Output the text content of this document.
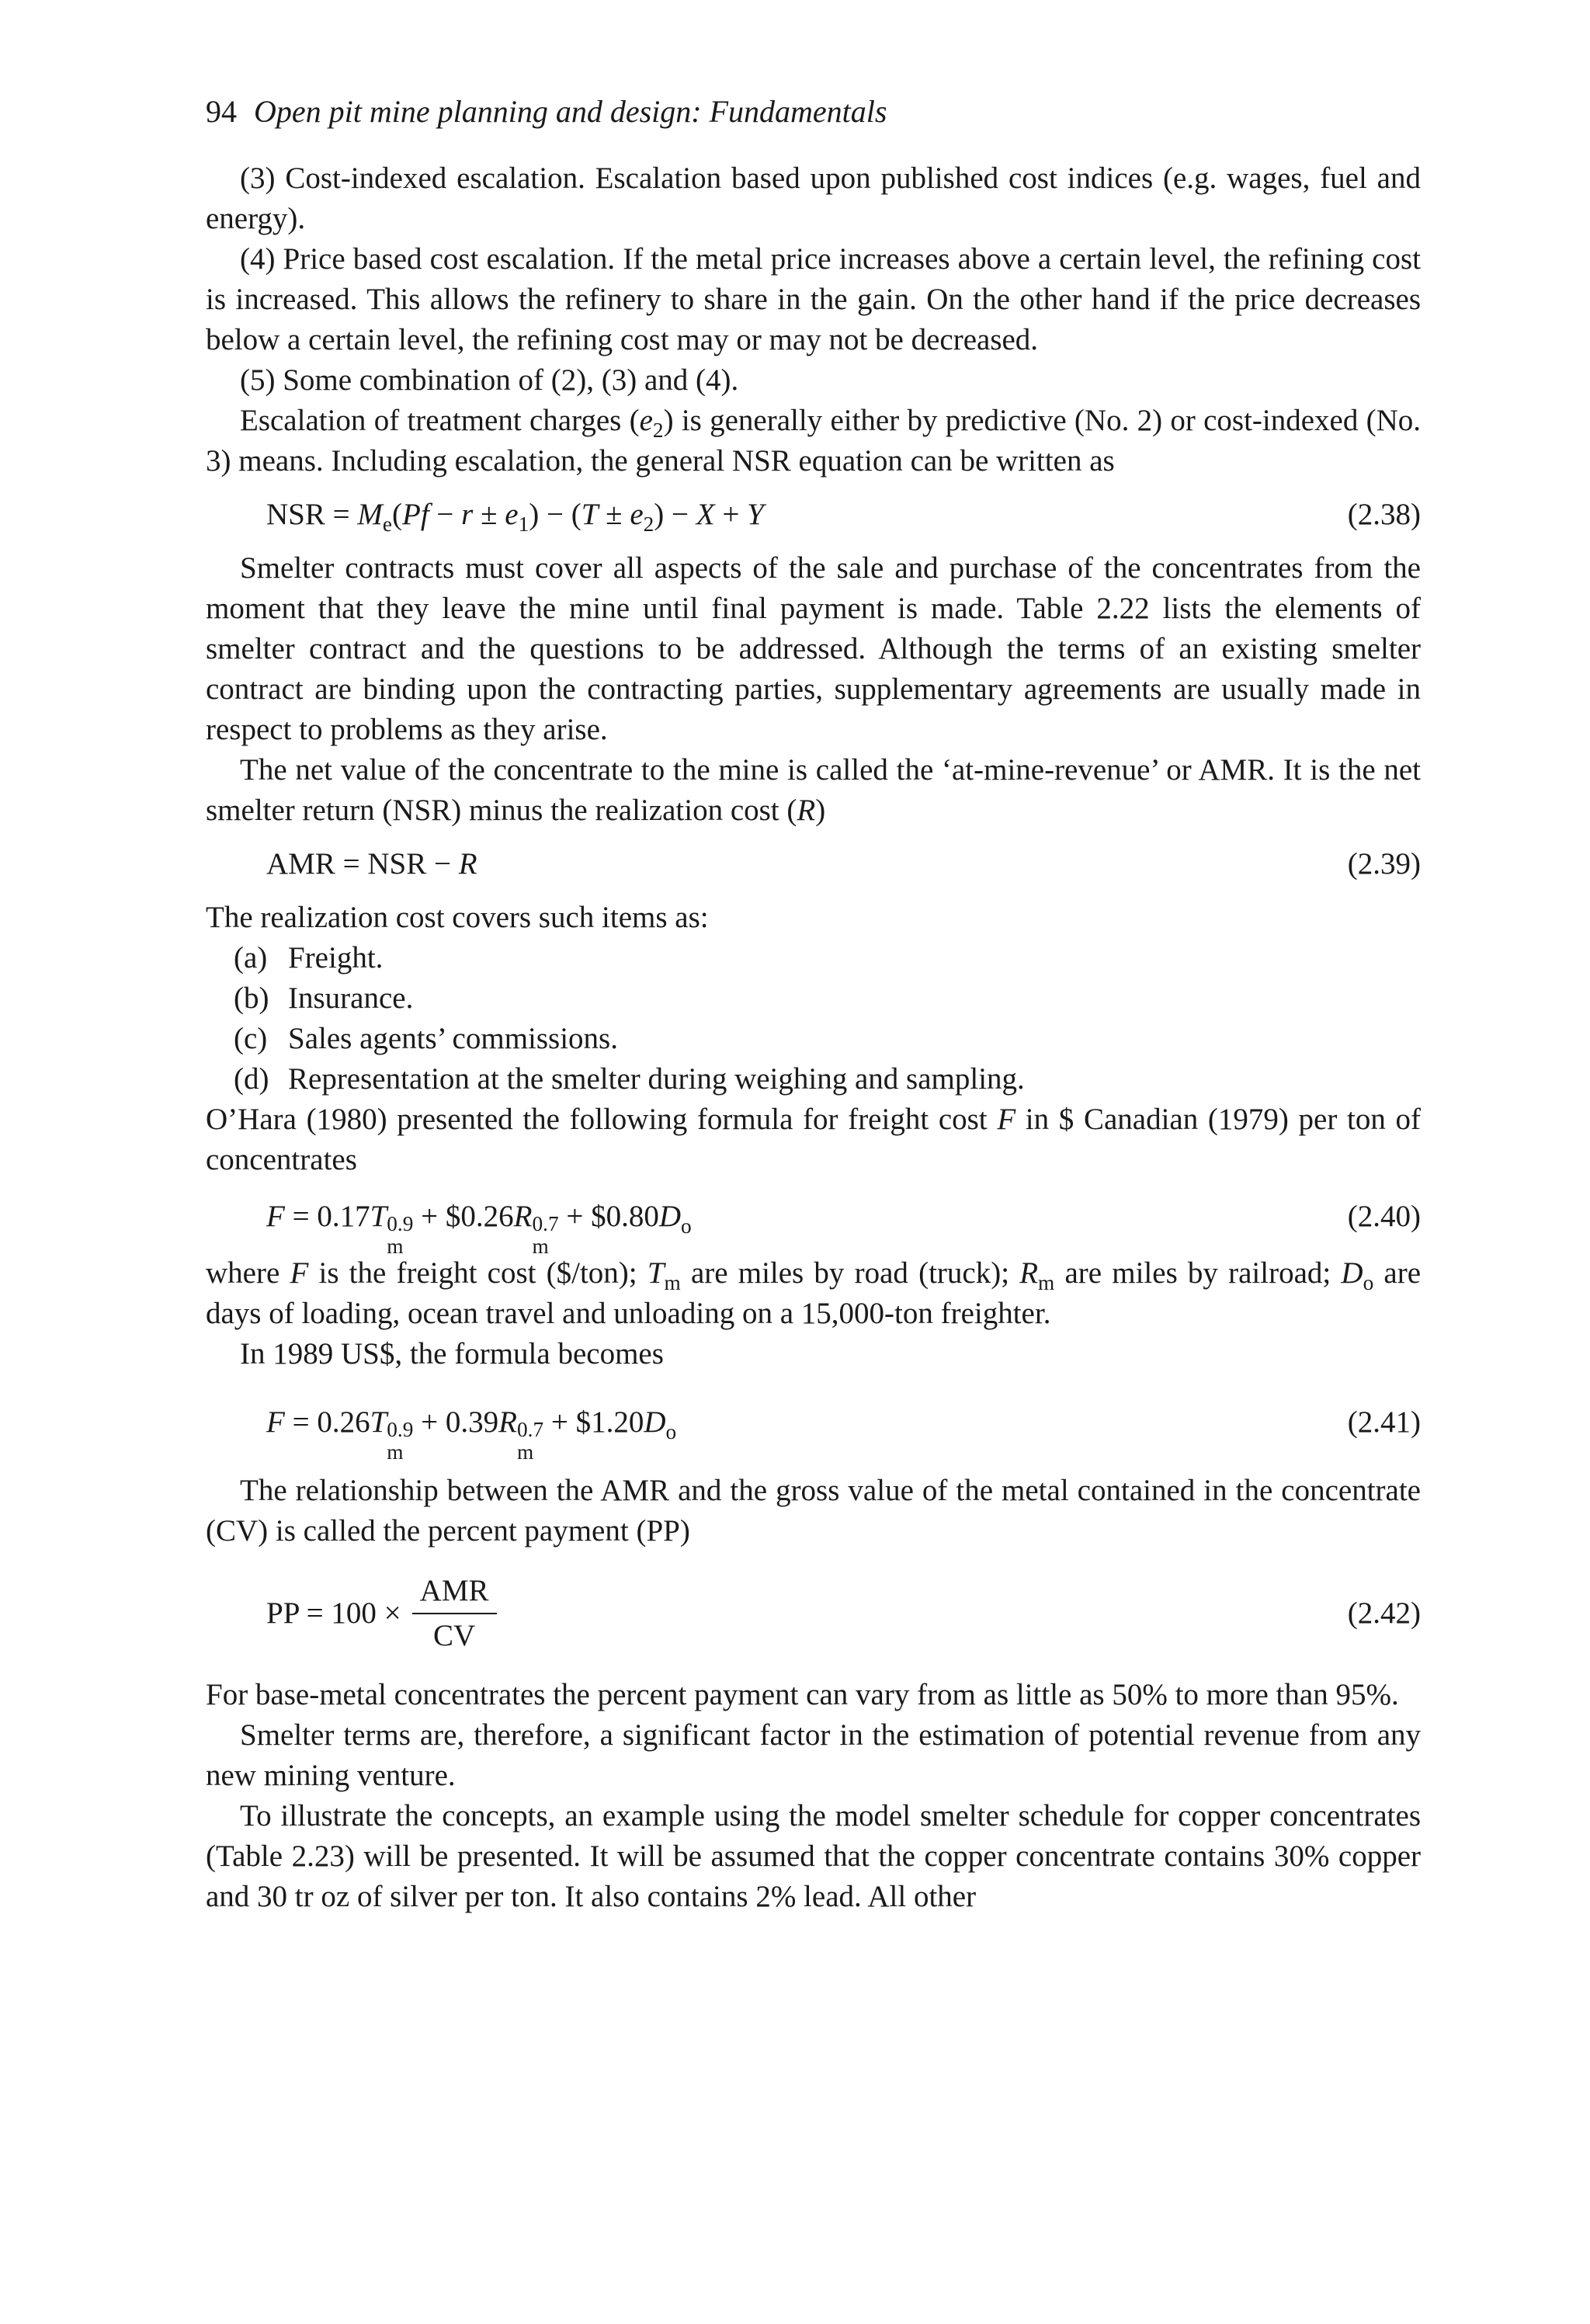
94 Open pit mine planning and design: Fundamentals

(3) Cost-indexed escalation. Escalation based upon published cost indices (e.g. wages, fuel and energy).

(4) Price based cost escalation. If the metal price increases above a certain level, the refining cost is increased. This allows the refinery to share in the gain. On the other hand if the price decreases below a certain level, the refining cost may or may not be decreased.

(5) Some combination of (2), (3) and (4).

Escalation of treatment charges $(e_2)$ is generally either by predictive (No. 2) or cost-indexed (No. 3) means. Including escalation, the general NSR equation can be written as

NSR = $M_e(Pf - r \pm e_1) - (T \pm e_2) - X + Y$	(2.38)

Smelter contracts must cover all aspects of the sale and purchase of the concentrates from the moment that they leave the mine until final payment is made. Table 2.22 lists the elements of smelter contract and the questions to be addressed. Although the terms of an existing smelter contract are binding upon the contracting parties, supplementary agreements are usually made in respect to problems as they arise.

The net value of the concentrate to the mine is called the ‘at-mine-revenue’ or AMR. It is the net smelter return (NSR) minus the realization cost (R)

AMR = NSR − R	(2.39)

The realization cost covers such items as:

(a) Freight.
(b) Insurance.
(c) Sales agents’ commissions.
(d) Representation at the smelter during weighing and sampling.

O’Hara (1980) presented the following formula for freight cost F in $ Canadian (1979) per ton of concentrates

F = 0.17T 0.9
m
+ $0.26R 0.7
m
+ $\$0.80D_o$	(2.40)

where F is the freight cost ($/ton); $T_m$ are miles by road (truck); $R_m$ are miles by railroad; $D_o$ are days of loading, ocean travel and unloading on a 15,000-ton freighter.

In 1989 US$, the formula becomes

F = 0.26T 0.9
m
+ 0.39R 0.7
m
+ $\$1.20D_o$	(2.41)

The relationship between the AMR and the gross value of the metal contained in the concentrate (CV) is called the percent payment (PP)

PP = $100 \times \frac{\text{AMR}}{CV}$	(2.42)

For base-metal concentrates the percent payment can vary from as little as 50% to more than 95%.

Smelter terms are, therefore, a significant factor in the estimation of potential revenue from any new mining venture.

To illustrate the concepts, an example using the model smelter schedule for copper concentrates (Table 2.23) will be presented. It will be assumed that the copper concentrate contains 30% copper and 30 tr oz of silver per ton. It also contains 2% lead. All other
